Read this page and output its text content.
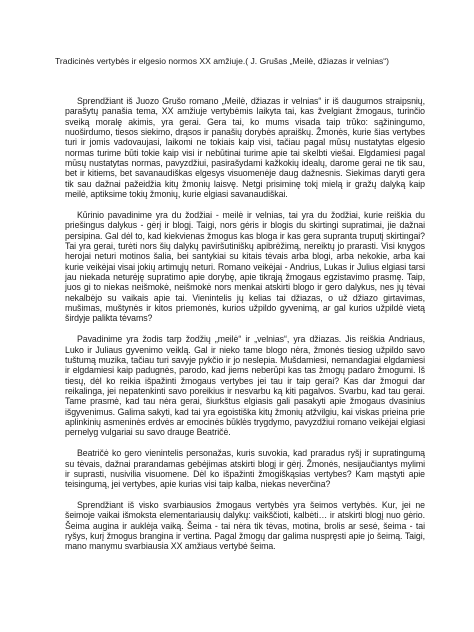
Tradicinės vertybės ir elgesio normos XX amžiuje.( J. Grušas „Meilė, džiazas ir velnias“)

Sprendžiant iš Juozo Grušo romano „Meilė, džiazas ir velnias“ ir iš daugumos straipsnių, parašytų panašia tema, XX amžiuje vertybėmis laikyta tai, kas žvelgiant žmogaus, turinčio sveiką moralę akimis, yra gerai. Gera tai, ko mums visada taip trūko: sąžiningumo, nuoširdumo, tiesos siekimo, drąsos ir panašių dorybės apraiškų. Žmonės, kurie šias vertybes turi ir jomis vadovaujasi, laikomi ne tokiais kaip visi, tačiau pagal mūsų nustatytas elgesio normas turime būti tokie kaip visi ir nebūtinai turime apie tai skelbti viešai. Elgdamiesi pagal mūsų nustatytas normas, pavyzdžiui, pasirašydami kažkokių idealų, darome gerai ne tik sau, bet ir kitiems, bet savanaudiškas elgesys visuomenėje daug dažnesnis. Siekimas daryti gera tik sau dažnai pažeidžia kitų žmonių laisvę. Netgi prisiminę tokį mielą ir gražų dalyką kaip meilė, aptiksime tokių žmonių, kurie elgiasi savanaudiškai.

Kūrinio pavadinime yra du žodžiai - meilė ir velnias, tai yra du žodžiai, kurie reiškia du priešingus dalykus - gėrį ir blogį. Taigi, nors gėris ir blogis du skirtingi supratimai, jie dažnai persipina. Gal dėl to, kad kiekvienas žmogus kas bloga ir kas gera supranta truputį skirtingai? Tai yra gerai, turėti nors šių dalykų paviršutiniškų apibrėžimą, nereiktų jo prarasti. Visi knygos herojai neturi motinos šalia, bei santykiai su kitais tėvais arba blogi, arba nekokie, arba kai kurie veikėjai visai jokių artimųjų neturi. Romano veikėjai - Andrius, Lukas ir Julius elgiasi tarsi jau niekada neturėję supratimo apie dorybę, apie tikrąją žmogaus egzistavimo prasmę. Taip, juos gi to niekas neišmokė, neišmokė nors menkai atskirti blogo ir gero dalykus, nes jų tėvai nekalbėjo su vaikais apie tai. Vienintelis jų kelias tai džiazas, o už džiazo girtavimas, mušimas, muštynės ir kitos priemonės, kurios užpildo gyvenimą, ar gal kurios užpildė vietą širdyje palikta tėvams?

Pavadinime yra žodis tarp žodžių „meilė“ ir „velnias“, yra džiazas. Jis reiškia Andriaus, Luko ir Juliaus gyvenimo veiklą. Gal ir nieko tame blogo nėra, žmonės tiesiog užpildo savo tuštumą muzika, tačiau turi savyje pykčio ir jo neslepia. Mušdamiesi, nemandagiai elgdamiesi ir elgdamiesi kaip padugnės, parodo, kad jiems neberūpi kas tas žmogų padaro žmogumi. Iš tiesų, dėl ko reikia išpažinti žmogaus vertybes jei tau ir taip gerai? Kas dar žmogui dar reikalinga, jei nepatenkinti savo poreikius ir nesvarbu ką kiti pagalvos. Svarbu, kad tau gerai. Tame prasmė, kad tau nėra gerai, šiurkštus elgiasis gali pasakyti apie žmogaus dvasinius išgyvenimus. Galima sakyti, kad tai yra egoistiška kitų žmonių atžvilgiu, kai viskas prieina prie aplinkinių asmeninės erdvės ar emocinės būklės trygdymo, pavyzdžiui romano veikėjai elgiasi pernelyg vulgariai su savo drauge Beatričė.

Beatričė ko gero vienintelis personažas, kuris suvokia, kad praradus ryšį ir supratingumą su tėvais, dažnai prarandamas gebėjimas atskirti blogį ir gėrį. Žmonės, nesijaučiantys mylimi ir suprasti, nusivilia visuomene. Dėl ko išpažinti žmogiškąsias vertybes? Kam mąstyti apie teisingumą, jei vertybes, apie kurias visi taip kalba, niekas neverčina?

Sprendžiant iš visko svarbiausios žmogaus vertybės yra šeimos vertybės. Kur, jei ne šeimoje vaikai išmoksta elementariausių dalykų: vaikščioti, kalbėti… ir atskirti blogį nuo gėrio. Šeima augina ir auklėja vaiką. Šeima - tai nėra tik tėvas, motina, brolis ar sesė, šeima - tai ryšys, kurį žmogus brangina ir vertina. Pagal žmogų dar galima nuspręsti apie jo šeimą. Taigi, mano manymu svarbiausia XX amžiaus vertybė šeima.
